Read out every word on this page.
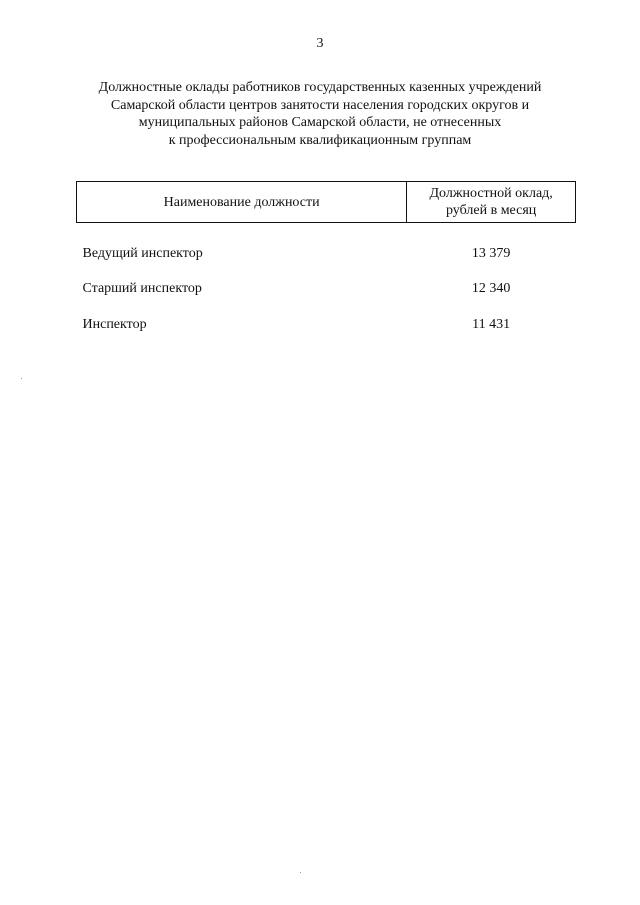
3
Должностные оклады работников государственных казенных учреждений
Самарской области центров занятости населения городских округов и
муниципальных районов Самарской области, не отнесенных
к профессиональным квалификационным группам
Наименование должности	Должностной оклад,
рублей в месяц

Ведущий инспектор	13 379
Старший инспектор	12 340
Инспектор	11 431
